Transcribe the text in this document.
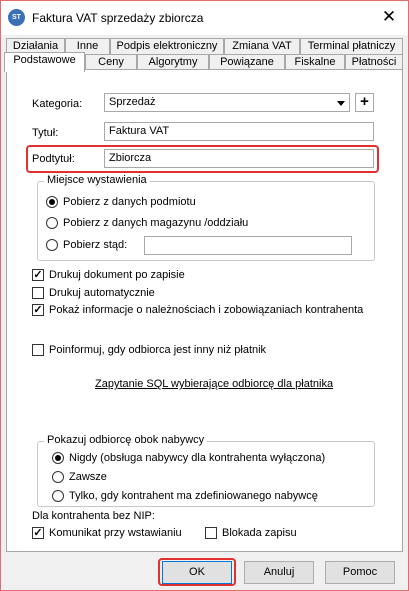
ST Faktura VAT sprzedaży zbiorcza	✕
Działania	Inne	Podpis elektroniczny	Zmiana VAT	Terminal płatniczy
Podstawowe	Ceny	Algorytmy	Powiązane	Fiskalne	Płatności
Kategoria:	Sprzedaż	+
Tytuł:	Faktura VAT
Podtytuł:	Zbiorcza
Miejsce wystawienia
Pobierz z danych podmiotu
Pobierz z danych magazynu /oddziału
Pobierz stąd:
✓ Drukuj dokument po zapisie
Drukuj automatycznie
✓ Pokaż informacje o należnościach i zobowiązaniach kontrahenta
Poinformuj, gdy odbiorca jest inny niż płatnik
Zapytanie SQL wybierające odbiorcę dla płatnika
Pokazuj odbiorcę obok nabywcy
Nigdy (obsługa nabywcy dla kontrahenta wyłączona)
Zawsze
Tylko, gdy kontrahent ma zdefiniowanego nabywcę
Dla kontrahenta bez NIP:
✓ Komunikat przy wstawianiu	Blokada zapisu
OK	Anuluj	Pomoc
